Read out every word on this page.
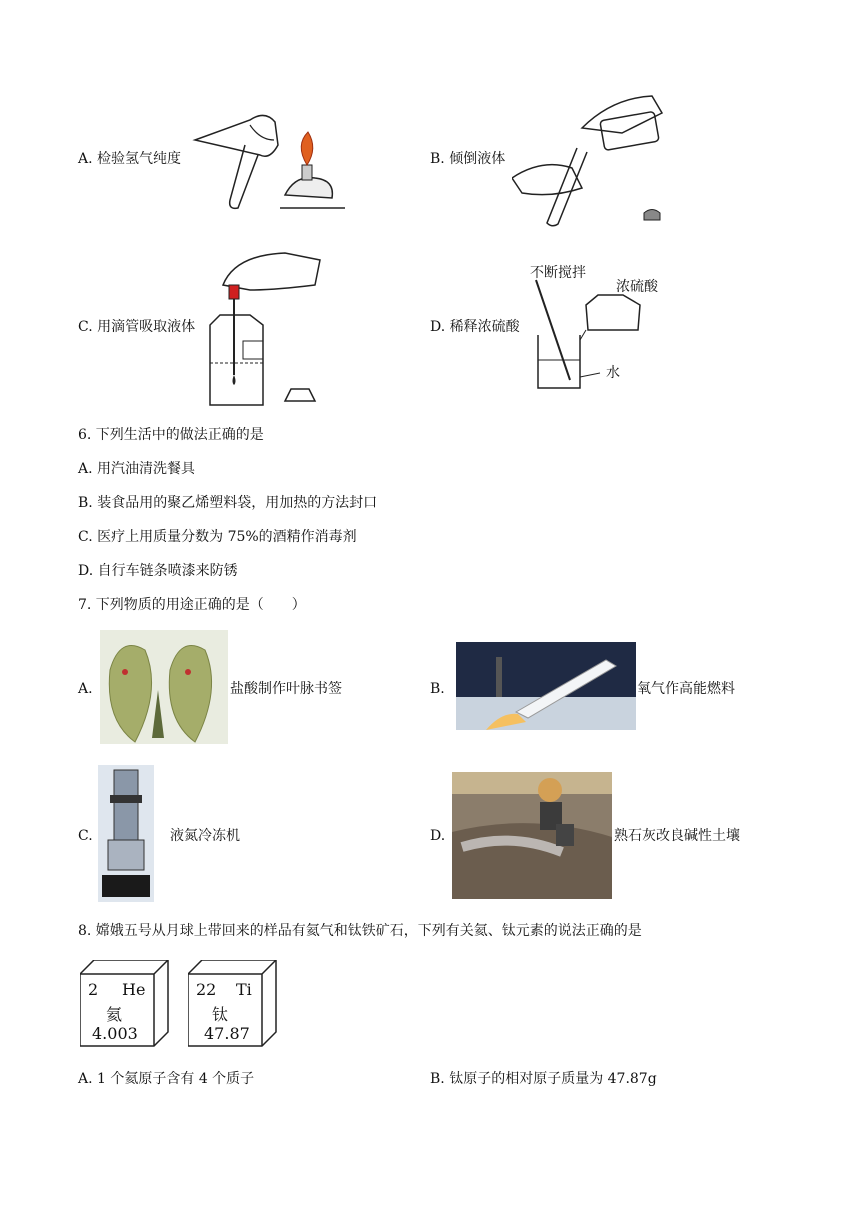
A. 检验氢气纯度	B. 倾倒液体
C. 用滴管吸取液体	D. 稀释浓硫酸
不断搅拌
浓硫酸
水
6. 下列生活中的做法正确的是
A. 用汽油清洗餐具
B. 装食品用的聚乙烯塑料袋，用加热的方法封口
C. 医疗上用质量分数为 75%的酒精作消毒剂
D. 自行车链条喷漆来防锈
7. 下列物质的用途正确的是（　　）
A.	盐酸制作叶脉书签	B.	氧气作高能燃料
C.	液氮冷冻机	D.	熟石灰改良碱性土壤
8. 嫦娥五号从月球上带回来的样品有氦气和钛铁矿石，下列有关氦、钛元素的说法正确的是
2 He
氦
4.003
22 Ti
钛
47.87
A. 1 个氦原子含有 4 个质子	B. 钛原子的相对原子质量为 47.87g
